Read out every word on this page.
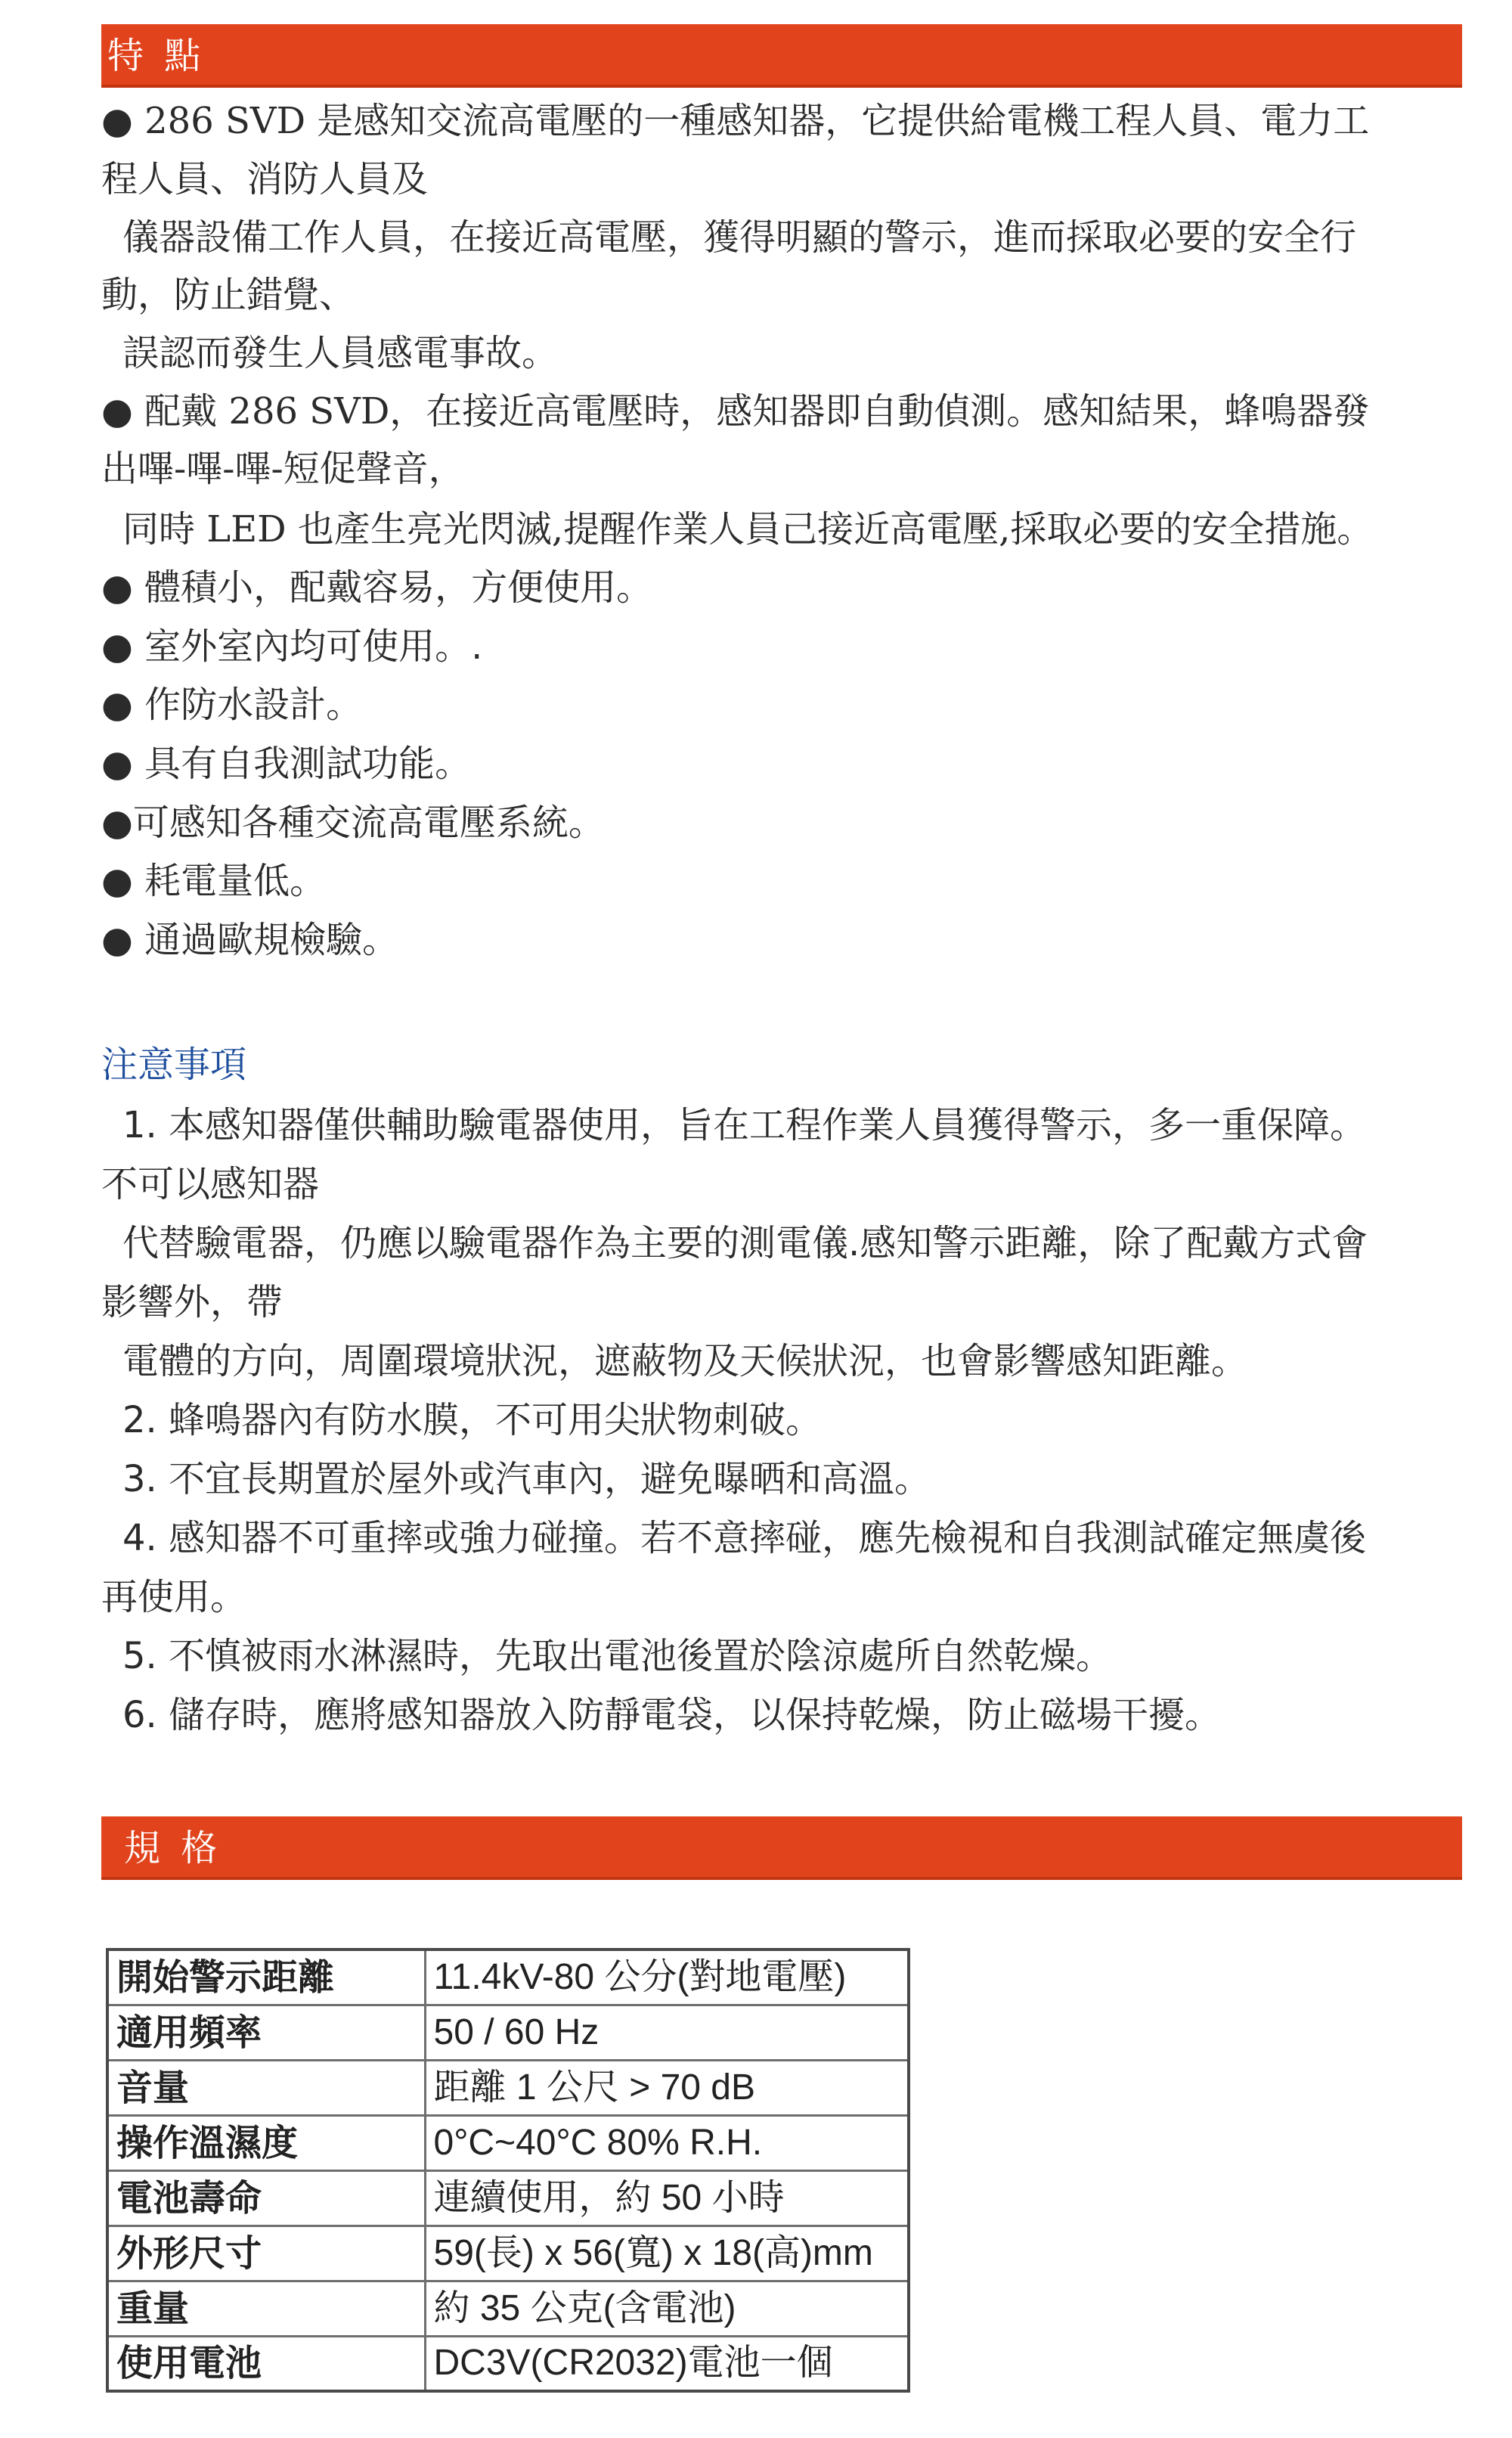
特 點
● 286 SVD 是感知交流高電壓的一種感知器，它提供給電機工程人員、電力工
程人員、消防人員及
儀器設備工作人員，在接近高電壓，獲得明顯的警示，進而採取必要的安全行
動，防止錯覺、
誤認而發生人員感電事故。
● 配戴 286 SVD，在接近高電壓時，感知器即自動偵測。感知結果，蜂鳴器發
出嗶-嗶-嗶-短促聲音，
同時 LED 也產生亮光閃滅,提醒作業人員己接近高電壓,採取必要的安全措施。
● 體積小，配戴容易，方便使用。
● 室外室內均可使用。.
● 作防水設計。
● 具有自我測試功能。
●可感知各種交流高電壓系統。
● 耗電量低。
● 通過歐規檢驗。
注意事項
1. 本感知器僅供輔助驗電器使用，旨在工程作業人員獲得警示，多一重保障。
不可以感知器
代替驗電器，仍應以驗電器作為主要的測電儀.感知警示距離，除了配戴方式會
影響外，帶
電體的方向，周圍環境狀況，遮蔽物及天候狀況，也會影響感知距離。
2. 蜂鳴器內有防水膜，不可用尖狀物刺破。
3. 不宜長期置於屋外或汽車內，避免曝晒和高溫。
4. 感知器不可重摔或強力碰撞。若不意摔碰，應先檢視和自我測試確定無虞後
再使用。
5. 不慎被雨水淋濕時，先取出電池後置於陰涼處所自然乾燥。
6. 儲存時，應將感知器放入防靜電袋，以保持乾燥，防止磁場干擾。
規 格
開始警示距離	11.4kV-80 公分(對地電壓)
適用頻率	50 / 60 Hz
音量	距離 1 公尺 > 70 dB
操作溫濕度	0°C~40°C 80% R.H.
電池壽命	連續使用，約 50 小時
外形尺寸	59(長) x 56(寬) x 18(高)mm
重量	約 35 公克(含電池)
使用電池	DC3V(CR2032)電池一個
